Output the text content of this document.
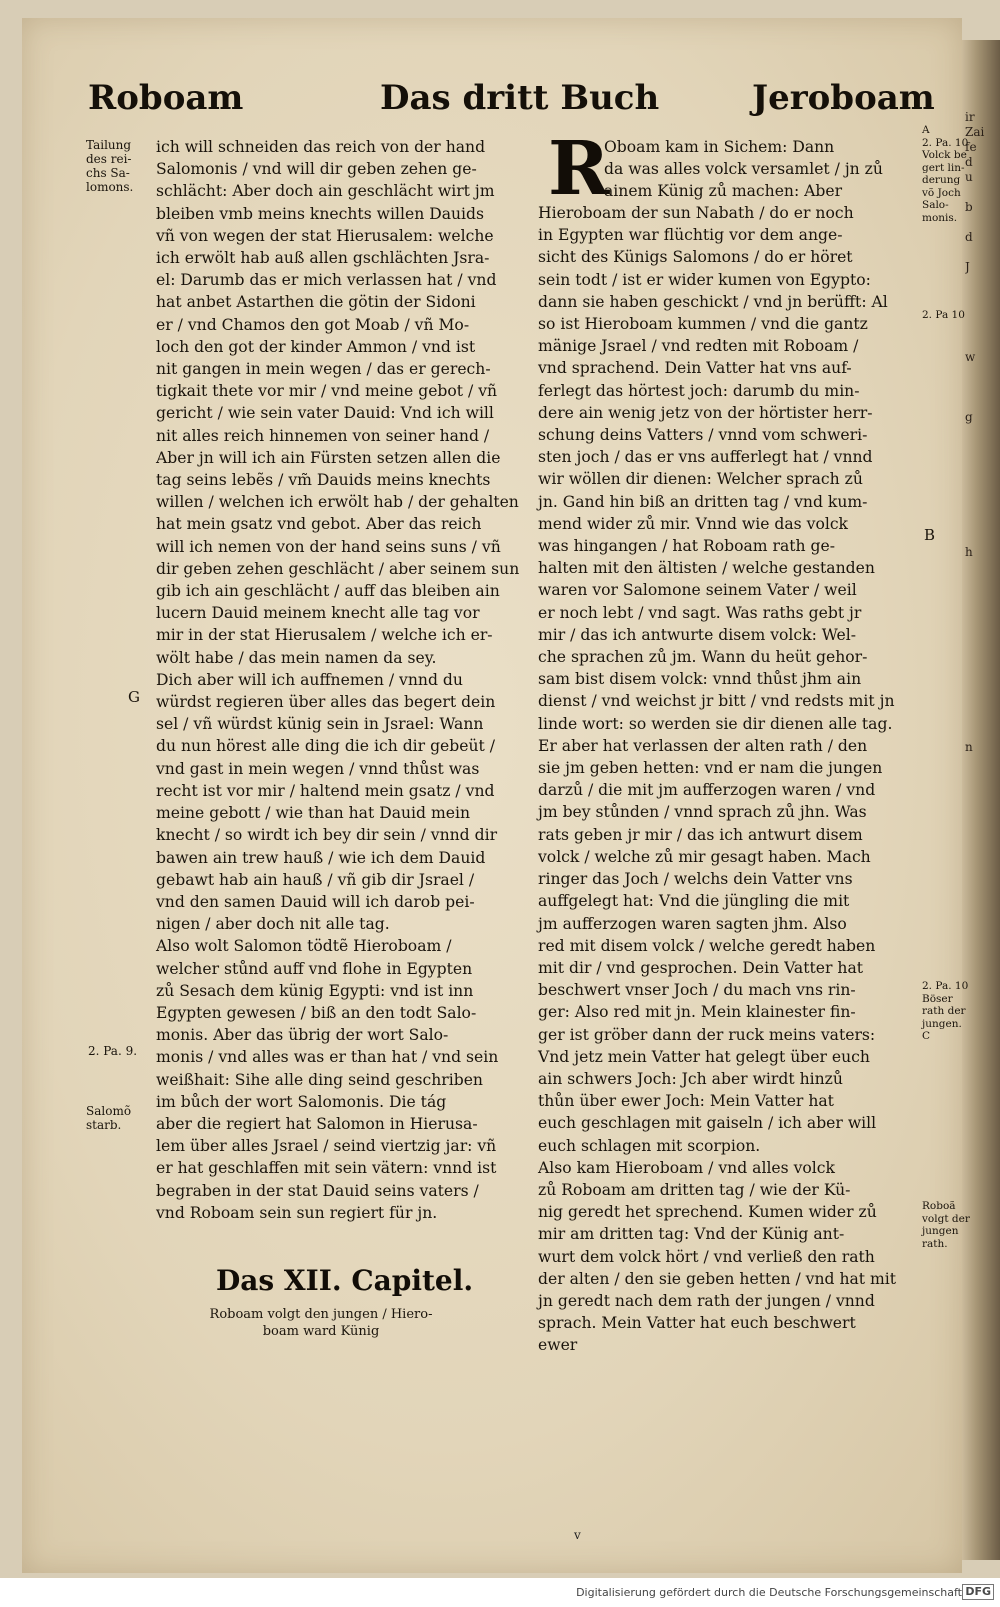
ir
Zai
fe
d
u

b

d

J

w

g

h

n
Roboam	Das dritt Buch	Jeroboam
Tailung
des rei-
chs Sa-
lomons.
G
2. Pa. 9.
Salomõ
starb.
ich will schneiden das reich von der hand
Salomonis / vnd will dir geben zehen ge-
schlächt: Aber doch ain geschlächt wirt jm
bleiben vmb meins knechts willen Dauids
vñ von wegen der stat Hierusalem: welche
ich erwölt hab auß allen gschlächten Jsra-
el: Darumb das er mich verlassen hat / vnd
hat anbet Astarthen die götin der Sidoni
er / vnd Chamos den got Moab / vñ Mo-
loch den got der kinder Ammon / vnd ist
nit gangen in mein wegen / das er gerech-
tigkait thete vor mir / vnd meine gebot / vñ
gericht / wie sein vater Dauid: Vnd ich will
nit alles reich hinnemen von seiner hand /
Aber jn will ich ain Fürsten setzen allen die
tag seins lebẽs / vm̃ Dauids meins knechts
willen / welchen ich erwölt hab / der gehalten
hat mein gsatz vnd gebot. Aber das reich
will ich nemen von der hand seins suns / vñ
dir geben zehen geschlächt / aber seinem sun
gib ich ain geschlächt / auff das bleiben ain
lucern Dauid meinem knecht alle tag vor
mir in der stat Hierusalem / welche ich er-
wölt habe / das mein namen da sey.
Dich aber will ich auffnemen / vnnd du
würdst regieren über alles das begert dein
sel / vñ würdst künig sein in Jsrael: Wann
du nun hörest alle ding die ich dir gebeüt /
vnd gast in mein wegen / vnnd thůst was
recht ist vor mir / haltend mein gsatz / vnd
meine gebott / wie than hat Dauid mein
knecht / so wirdt ich bey dir sein / vnnd dir
bawen ain trew hauß / wie ich dem Dauid
gebawt hab ain hauß / vñ gib dir Jsrael /
vnd den samen Dauid will ich darob pei-
nigen / aber doch nit alle tag.
Also wolt Salomon tödtẽ Hieroboam /
welcher stůnd auff vnd flohe in Egypten
zů Sesach dem künig Egypti: vnd ist inn
Egypten gewesen / biß an den todt Salo-
monis. Aber das übrig der wort Salo-
monis / vnd alles was er than hat / vnd sein
weißhait: Sihe alle ding seind geschriben
im bůch der wort Salomonis. Die tág
aber die regiert hat Salomon in Hierusa-
lem über alles Jsrael / seind viertzig jar: vñ
er hat geschlaffen mit sein vätern: vnnd ist
begraben in der stat Dauid seins vaters /
vnd Roboam sein sun regiert für jn.
Das XII. Capitel.
Roboam volgt den jungen / Hiero-
boam ward Künig
R
Oboam kam in Sichem: Dann
da was alles volck versamlet / jn zů
ainem Künig zů machen: Aber
Hieroboam der sun Nabath / do er noch
in Egypten war flüchtig vor dem ange-
sicht des Künigs Salomons / do er höret
sein todt / ist er wider kumen von Egypto:
dann sie haben geschickt / vnd jn berüfft: Al
so ist Hieroboam kummen / vnd die gantz
mänige Jsrael / vnd redten mit Roboam /
vnd sprachend. Dein Vatter hat vns auf-
ferlegt das hörtest joch: darumb du min-
dere ain wenig jetz von der hörtister herr-
schung deins Vatters / vnnd vom schweri-
sten joch / das er vns aufferlegt hat / vnnd
wir wöllen dir dienen: Welcher sprach zů
jn. Gand hin biß an dritten tag / vnd kum-
mend wider zů mir. Vnnd wie das volck
was hingangen / hat Roboam rath ge-
halten mit den ältisten / welche gestanden
waren vor Salomone seinem Vater / weil
er noch lebt / vnd sagt. Was raths gebt jr
mir / das ich antwurte disem volck: Wel-
che sprachen zů jm. Wann du heüt gehor-
sam bist disem volck: vnnd thůst jhm ain
dienst / vnd weichst jr bitt / vnd redsts mit jn
linde wort: so werden sie dir dienen alle tag.
Er aber hat verlassen der alten rath / den
sie jm geben hetten: vnd er nam die jungen
darzů / die mit jm aufferzogen waren / vnd
jm bey stůnden / vnnd sprach zů jhn. Was
rats geben jr mir / das ich antwurt disem
volck / welche zů mir gesagt haben. Mach
ringer das Joch / welchs dein Vatter vns
auffgelegt hat: Vnd die jüngling die mit
jm aufferzogen waren sagten jhm. Also
red mit disem volck / welche geredt haben
mit dir / vnd gesprochen. Dein Vatter hat
beschwert vnser Joch / du mach vns rin-
ger: Also red mit jn. Mein klainester fin-
ger ist gröber dann der ruck meins vaters:
Vnd jetz mein Vatter hat gelegt über euch
ain schwers Joch: Jch aber wirdt hinzů
thůn über ewer Joch: Mein Vatter hat
euch geschlagen mit gaiseln / ich aber will
euch schlagen mit scorpion.
Also kam Hieroboam / vnd alles volck
zů Roboam am dritten tag / wie der Kü-
nig geredt het sprechend. Kumen wider zů
mir am dritten tag: Vnd der Künig ant-
wurt dem volck hört / vnd verließ den rath
der alten / den sie geben hetten / vnd hat mit
jn geredt nach dem rath der jungen / vnnd
sprach. Mein Vatter hat euch beschwert
ewer
A
2. Pa. 10
Volck be
gert lin-
derung
võ Joch
Salo-
monis.
2. Pa 10
B
2. Pa. 10
Böser
rath der
jungen.
C
Roboã
volgt der
jungen
rath.
v
Digitalisierung gefördert durch die Deutsche Forschungsgemeinschaft DFG
